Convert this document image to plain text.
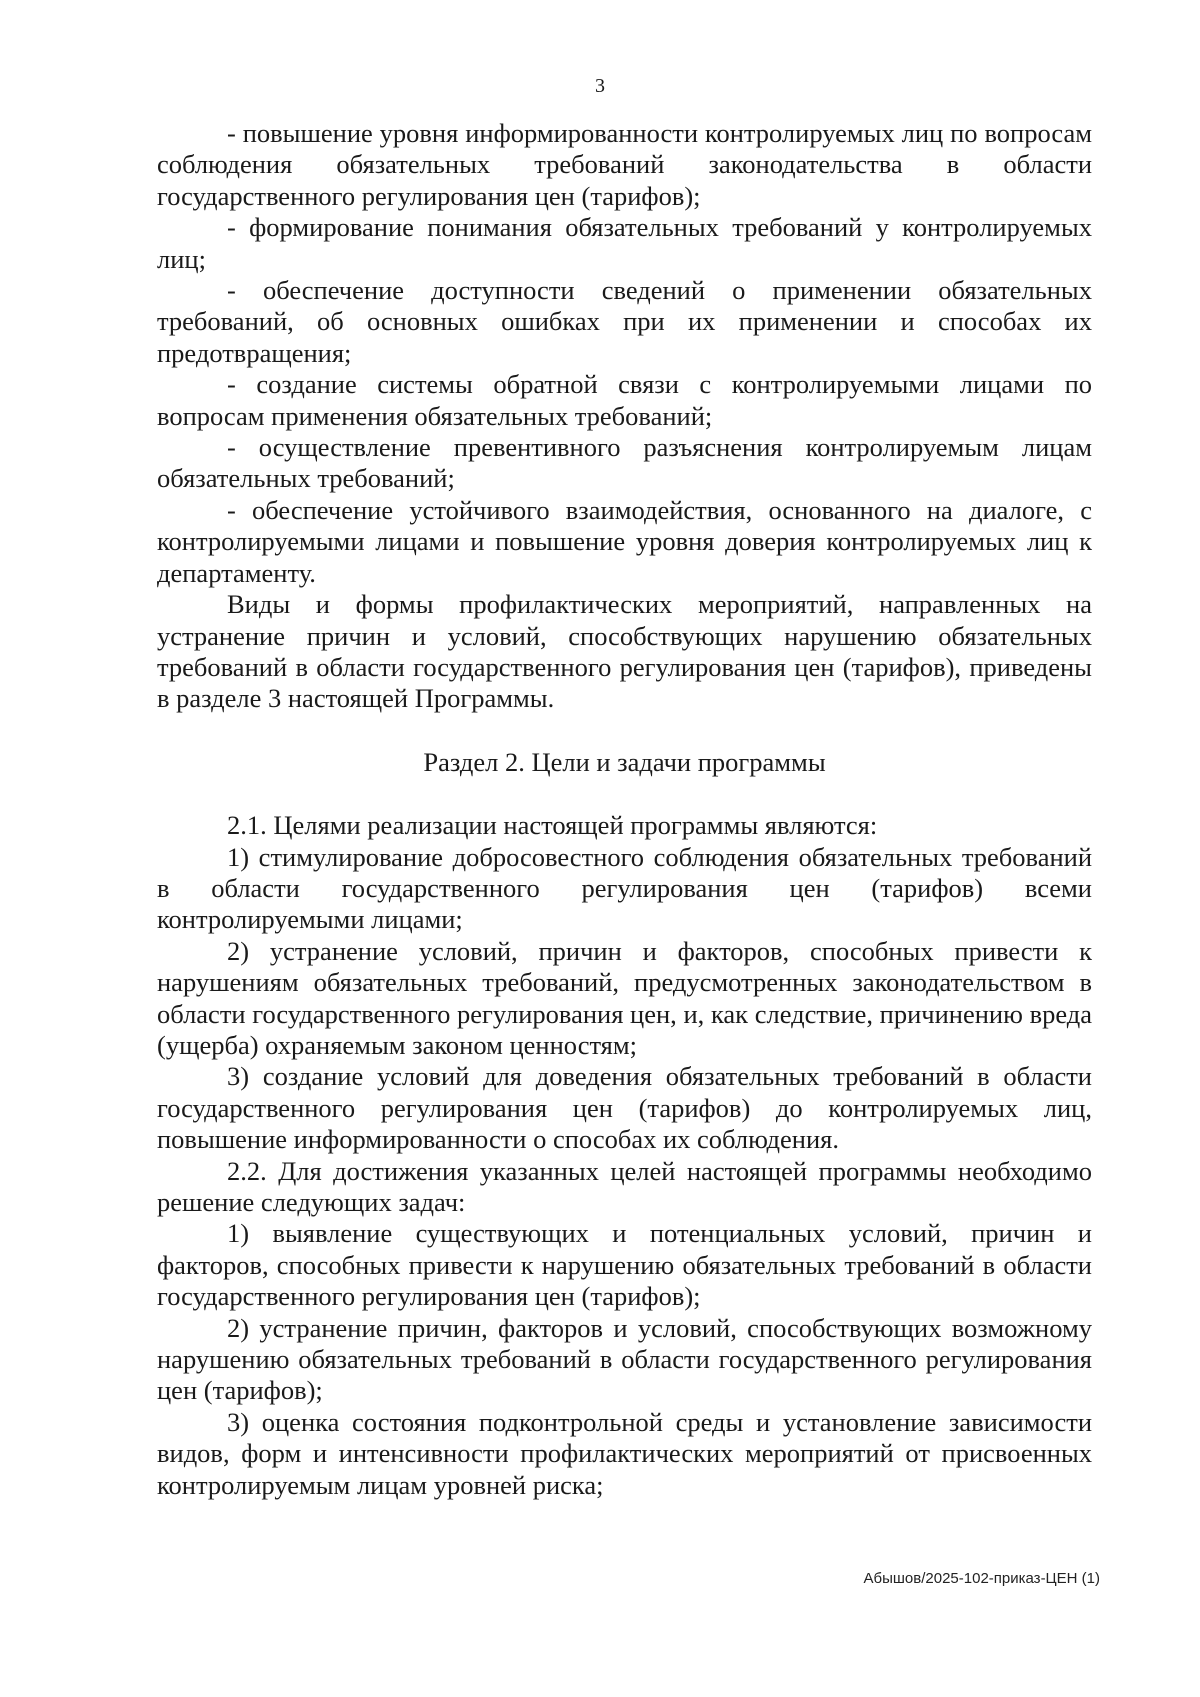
3

- повышение уровня информированности контролируемых лиц по вопросам соблюдения обязательных требований законодательства в области государственного регулирования цен (тарифов);

- формирование понимания обязательных требований у контролируемых лиц;

- обеспечение доступности сведений о применении обязательных требований, об основных ошибках при их применении и способах их предотвращения;

- создание системы обратной связи с контролируемыми лицами по вопросам применения обязательных требований;

- осуществление превентивного разъяснения контролируемым лицам обязательных требований;

- обеспечение устойчивого взаимодействия, основанного на диалоге, с контролируемыми лицами и повышение уровня доверия контролируемых лиц к департаменту.

Виды и формы профилактических мероприятий, направленных на устранение причин и условий, способствующих нарушению обязательных требований в области государственного регулирования цен (тарифов), приведены в разделе 3 настоящей Программы.

Раздел 2. Цели и задачи программы

2.1. Целями реализации настоящей программы являются:

1) стимулирование добросовестного соблюдения обязательных требований в области государственного регулирования цен (тарифов) всеми контролируемыми лицами;

2) устранение условий, причин и факторов, способных привести к нарушениям обязательных требований, предусмотренных законодательством в области государственного регулирования цен, и, как следствие, причинению вреда (ущерба) охраняемым законом ценностям;

3) создание условий для доведения обязательных требований в области государственного регулирования цен (тарифов) до контролируемых лиц, повышение информированности о способах их соблюдения.

2.2. Для достижения указанных целей настоящей программы необходимо решение следующих задач:

1) выявление существующих и потенциальных условий, причин и факторов, способных привести к нарушению обязательных требований в области государственного регулирования цен (тарифов);

2) устранение причин, факторов и условий, способствующих возможному нарушению обязательных требований в области государственного регулирования цен (тарифов);

3) оценка состояния подконтрольной среды и установление зависимости видов, форм и интенсивности профилактических мероприятий от присвоенных контролируемым лицам уровней риска;

Абышов/2025-102-приказ-ЦЕН (1)
